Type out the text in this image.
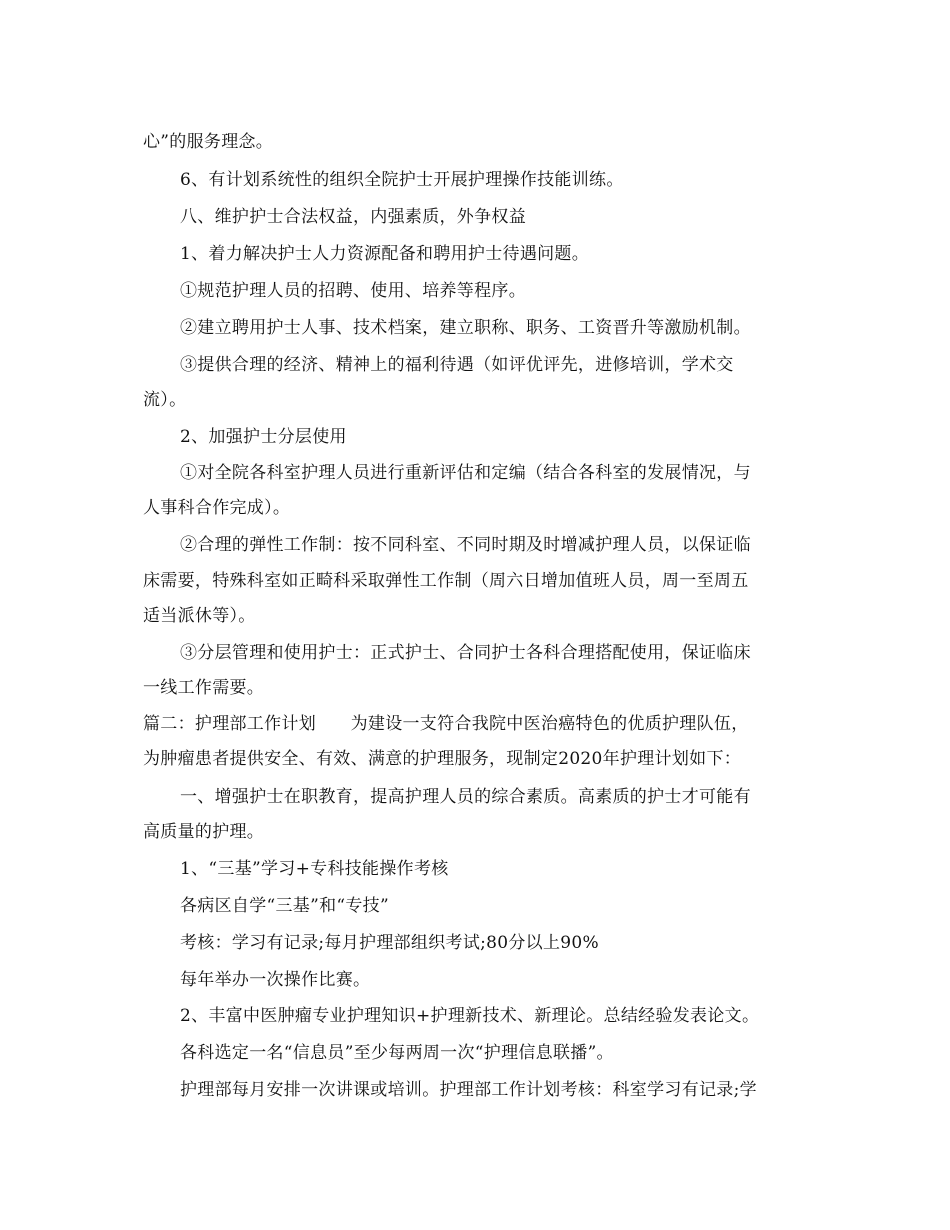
心”的服务理念。
6、有计划系统性的组织全院护士开展护理操作技能训练。
八、维护护士合法权益，内强素质，外争权益
1、着力解决护士人力资源配备和聘用护士待遇问题。
①规范护理人员的招聘、使用、培养等程序。
②建立聘用护士人事、技术档案，建立职称、职务、工资晋升等激励机制。
③提供合理的经济、精神上的福利待遇（如评优评先，进修培训，学术交
流）。
2、加强护士分层使用
①对全院各科室护理人员进行重新评估和定编（结合各科室的发展情况，与
人事科合作完成）。
②合理的弹性工作制：按不同科室、不同时期及时增减护理人员，以保证临
床需要，特殊科室如正畸科采取弹性工作制（周六日增加值班人员，周一至周五
适当派休等）。
③分层管理和使用护士：正式护士、合同护士各科合理搭配使用，保证临床
一线工作需要。
篇二：护理部工作计划　　为建设一支符合我院中医治癌特色的优质护理队伍，
为肿瘤患者提供安全、有效、满意的护理服务，现制定2020年护理计划如下：
一、增强护士在职教育，提高护理人员的综合素质。高素质的护士才可能有
高质量的护理。
1、“三基”学习+专科技能操作考核
各病区自学“三基”和“专技”
考核：学习有记录;每月护理部组织考试;80分以上90%
每年举办一次操作比赛。
2、丰富中医肿瘤专业护理知识+护理新技术、新理论。总结经验发表论文。
各科选定一名“信息员”至少每两周一次“护理信息联播”。
护理部每月安排一次讲课或培训。护理部工作计划考核：科室学习有记录;学
